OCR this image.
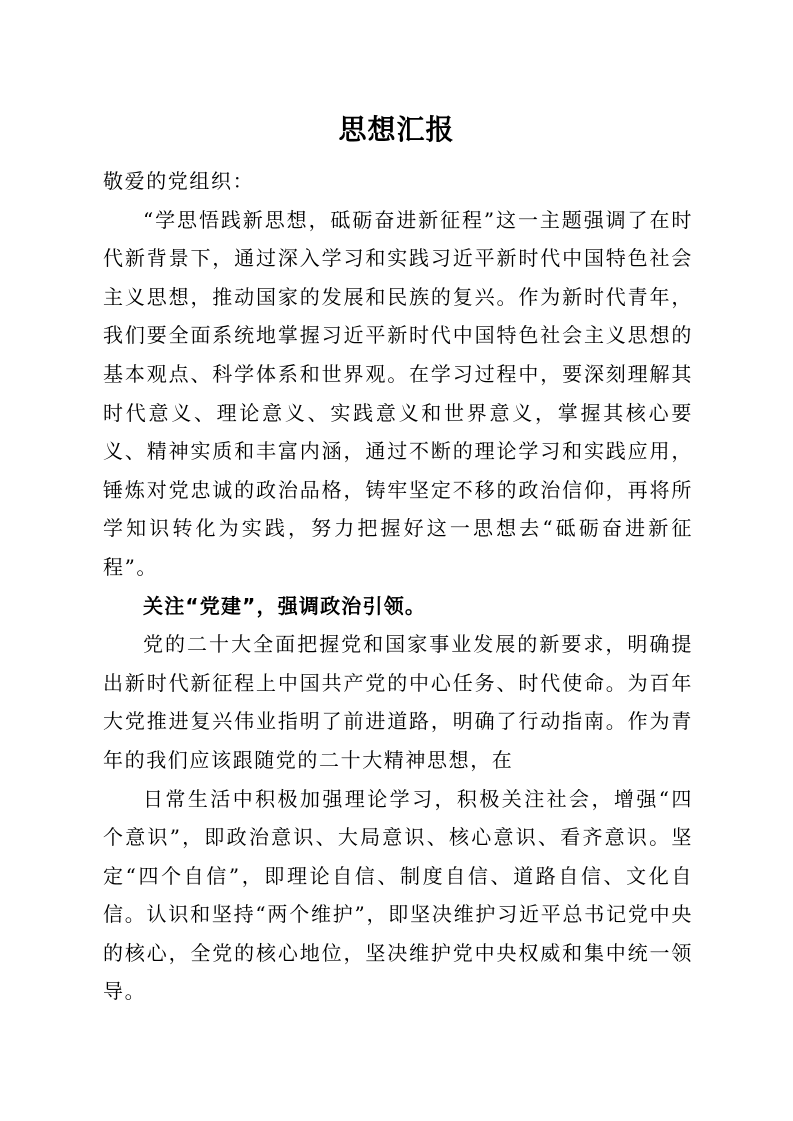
思想汇报

敬爱的党组织：

“学思悟践新思想，砥砺奋进新征程”这一主题强调了在时代新背景下，通过深入学习和实践习近平新时代中国特色社会主义思想，推动国家的发展和民族的复兴。作为新时代青年，我们要全面系统地掌握习近平新时代中国特色社会主义思想的基本观点、科学体系和世界观。在学习过程中，要深刻理解其时代意义、理论意义、实践意义和世界意义，掌握其核心要义、精神实质和丰富内涵，通过不断的理论学习和实践应用，锤炼对党忠诚的政治品格，铸牢坚定不移的政治信仰，再将所学知识转化为实践，努力把握好这一思想去“砥砺奋进新征程”。

关注“党建”，强调政治引领。

党的二十大全面把握党和国家事业发展的新要求，明确提出新时代新征程上中国共产党的中心任务、时代使命。为百年大党推进复兴伟业指明了前进道路，明确了行动指南。作为青年的我们应该跟随党的二十大精神思想，在

日常生活中积极加强理论学习，积极关注社会，增强“四个意识”，即政治意识、大局意识、核心意识、看齐意识。坚定“四个自信”，即理论自信、制度自信、道路自信、文化自信。认识和坚持“两个维护”，即坚决维护习近平总书记党中央的核心，全党的核心地位，坚决维护党中央权威和集中统一领导。
